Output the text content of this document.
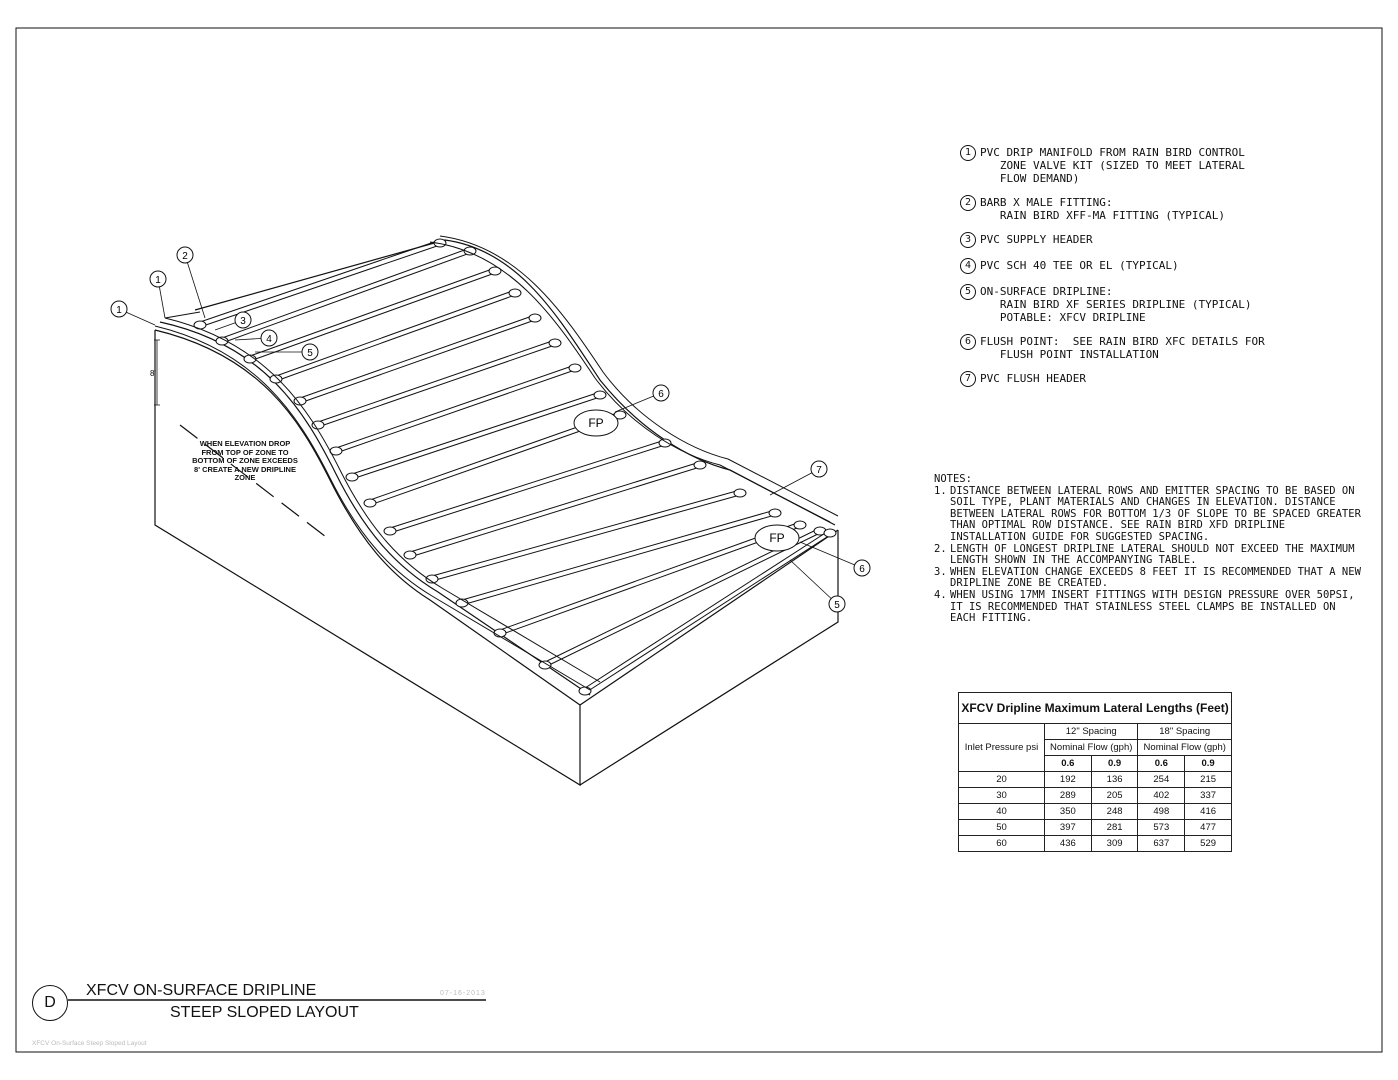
FP
FP
8'
1
1
2
3
4
5
6
7
6
5
WHEN ELEVATION DROP FROM TOP OF ZONE TO BOTTOM OF ZONE EXCEEDS 8' CREATE A NEW DRIPLINE ZONE
1 PVC DRIP MANIFOLD FROM RAIN BIRD CONTROL
ZONE VALVE KIT (SIZED TO MEET LATERAL
FLOW DEMAND)
2 BARB X MALE FITTING:
RAIN BIRD XFF-MA FITTING (TYPICAL)
3 PVC SUPPLY HEADER
4 PVC SCH 40 TEE OR EL (TYPICAL)
5 ON-SURFACE DRIPLINE:
RAIN BIRD XF SERIES DRIPLINE (TYPICAL)
POTABLE: XFCV DRIPLINE
6 FLUSH POINT:  SEE RAIN BIRD XFC DETAILS FOR
FLUSH POINT INSTALLATION
7 PVC FLUSH HEADER
NOTES:
1. DISTANCE BETWEEN LATERAL ROWS AND EMITTER SPACING TO BE BASED ON SOIL TYPE, PLANT MATERIALS AND CHANGES IN ELEVATION. DISTANCE BETWEEN LATERAL ROWS FOR BOTTOM 1/3 OF SLOPE TO BE SPACED GREATER THAN OPTIMAL ROW DISTANCE. SEE RAIN BIRD XFD DRIPLINE INSTALLATION GUIDE FOR SUGGESTED SPACING.
2. LENGTH OF LONGEST DRIPLINE LATERAL SHOULD NOT EXCEED THE MAXIMUM LENGTH SHOWN IN THE ACCOMPANYING TABLE.
3. WHEN ELEVATION CHANGE EXCEEDS 8 FEET IT IS RECOMMENDED THAT A NEW DRIPLINE ZONE BE CREATED.
4. WHEN USING 17MM INSERT FITTINGS WITH DESIGN PRESSURE OVER 50PSI, IT IS RECOMMENDED THAT STAINLESS STEEL CLAMPS BE INSTALLED ON EACH FITTING.
XFCV Dripline Maximum Lateral Lengths (Feet)				
Inlet Pressure psi	12" Spacing		18" Spacing	
	Nominal Flow (gph)		Nominal Flow (gph)	
	0.6	0.9	0.6	0.9
20	192	136	254	215
30	289	205	402	337
40	350	248	498	416
50	397	281	573	477
60	436	309	637	529
D
XFCV ON-SURFACE DRIPLINE
STEEP SLOPED LAYOUT
07-16-2013
XFCV On-Surface Steep Sloped Layout
